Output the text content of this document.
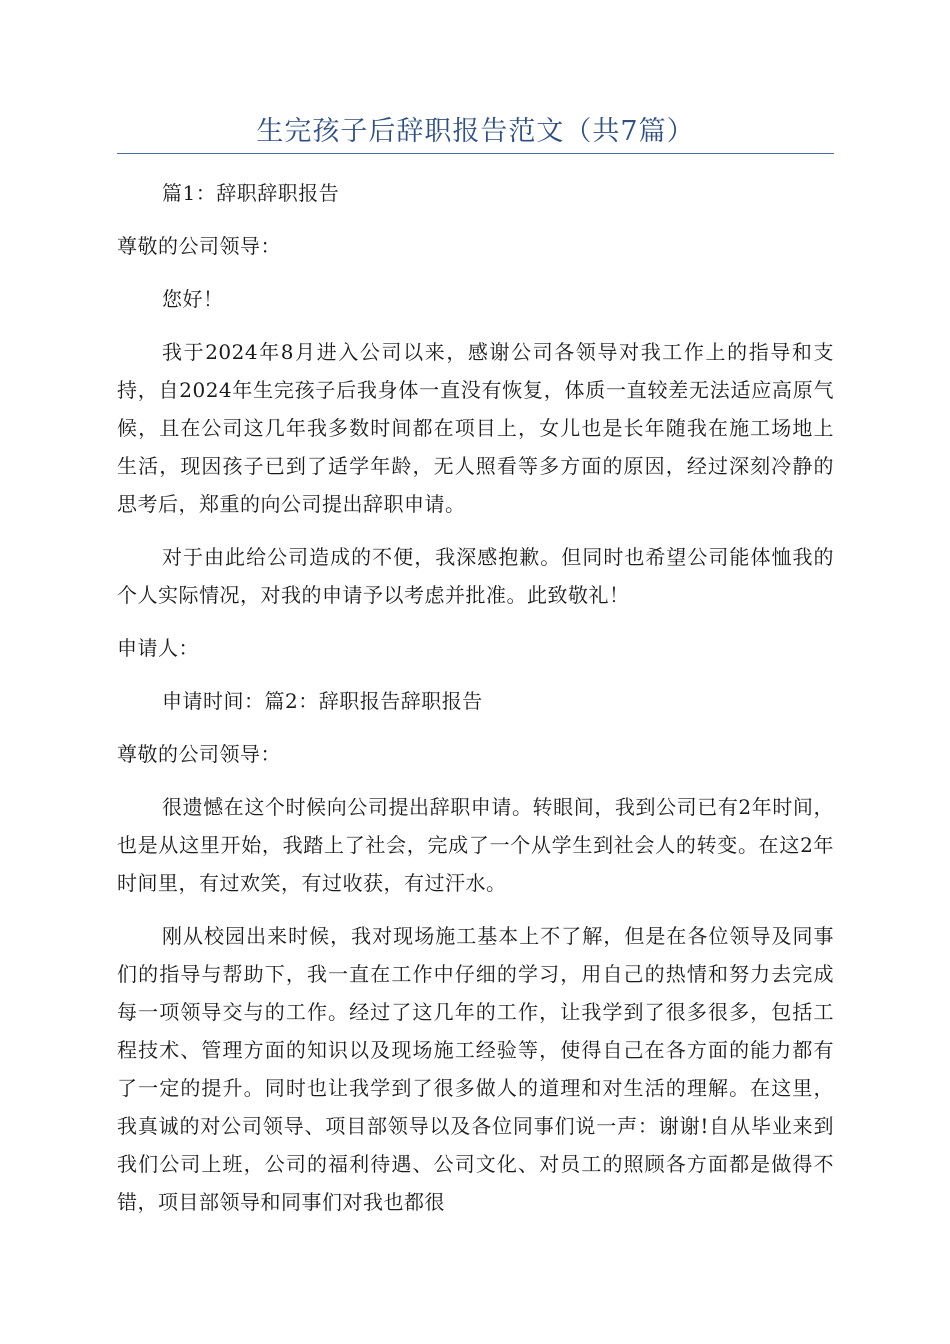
生完孩子后辞职报告范文（共7篇）

篇1：辞职辞职报告

尊敬的公司领导：

您好！

我于2024年8月进入公司以来，感谢公司各领导对我工作上的指导和支持，自2024年生完孩子后我身体一直没有恢复，体质一直较差无法适应高原气候，且在公司这几年我多数时间都在项目上，女儿也是长年随我在施工场地上生活，现因孩子已到了适学年龄，无人照看等多方面的原因，经过深刻冷静的思考后，郑重的向公司提出辞职申请。

对于由此给公司造成的不便，我深感抱歉。但同时也希望公司能体恤我的个人实际情况，对我的申请予以考虑并批准。此致敬礼！

申请人：

申请时间：篇2：辞职报告辞职报告

尊敬的公司领导：

很遗憾在这个时候向公司提出辞职申请。转眼间，我到公司已有2年时间，也是从这里开始，我踏上了社会，完成了一个从学生到社会人的转变。在这2年时间里，有过欢笑，有过收获，有过汗水。

刚从校园出来时候，我对现场施工基本上不了解，但是在各位领导及同事们的指导与帮助下，我一直在工作中仔细的学习，用自己的热情和努力去完成每一项领导交与的工作。经过了这几年的工作，让我学到了很多很多，包括工程技术、管理方面的知识以及现场施工经验等，使得自己在各方面的能力都有了一定的提升。同时也让我学到了很多做人的道理和对生活的理解。在这里，我真诚的对公司领导、项目部领导以及各位同事们说一声：谢谢!自从毕业来到我们公司上班，公司的福利待遇、公司文化、对员工的照顾各方面都是做得不错，项目部领导和同事们对我也都很
